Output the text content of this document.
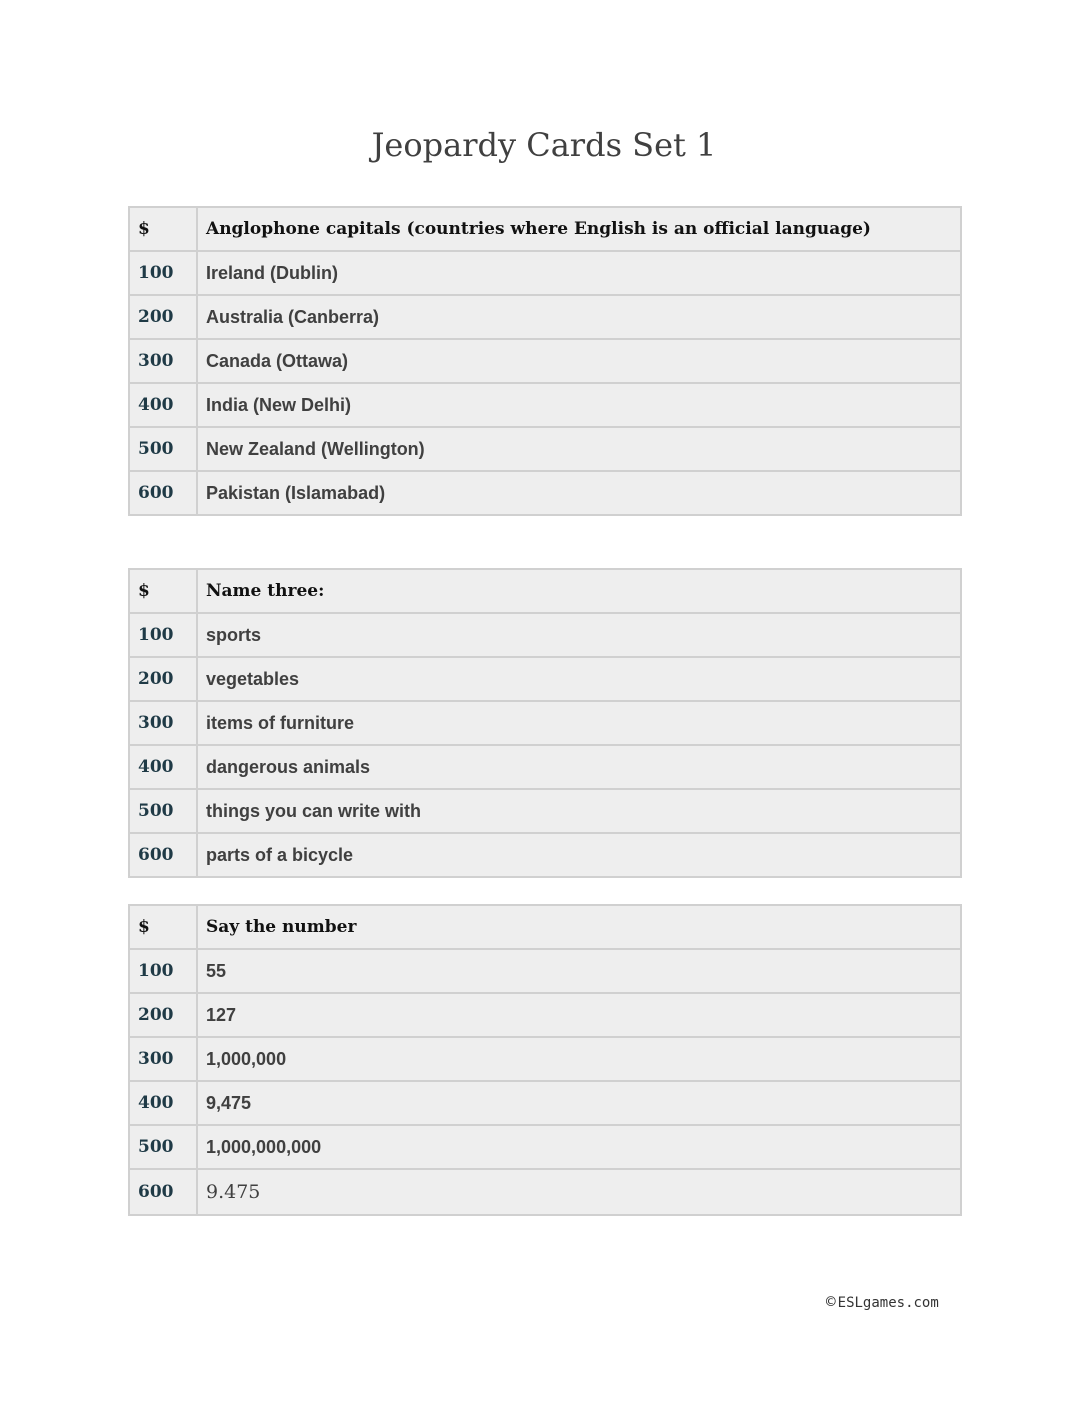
Jeopardy Cards Set 1
$	Anglophone capitals (countries where English is an official language)
100	Ireland (Dublin)
200	Australia (Canberra)
300	Canada (Ottawa)
400	India (New Delhi)
500	New Zealand (Wellington)
600	Pakistan (Islamabad)
$	Name three:
100	sports
200	vegetables
300	items of furniture
400	dangerous animals
500	things you can write with
600	parts of a bicycle
$	Say the number
100	55
200	127
300	1,000,000
400	9,475
500	1,000,000,000
600	9.475
© ESLgames.com
